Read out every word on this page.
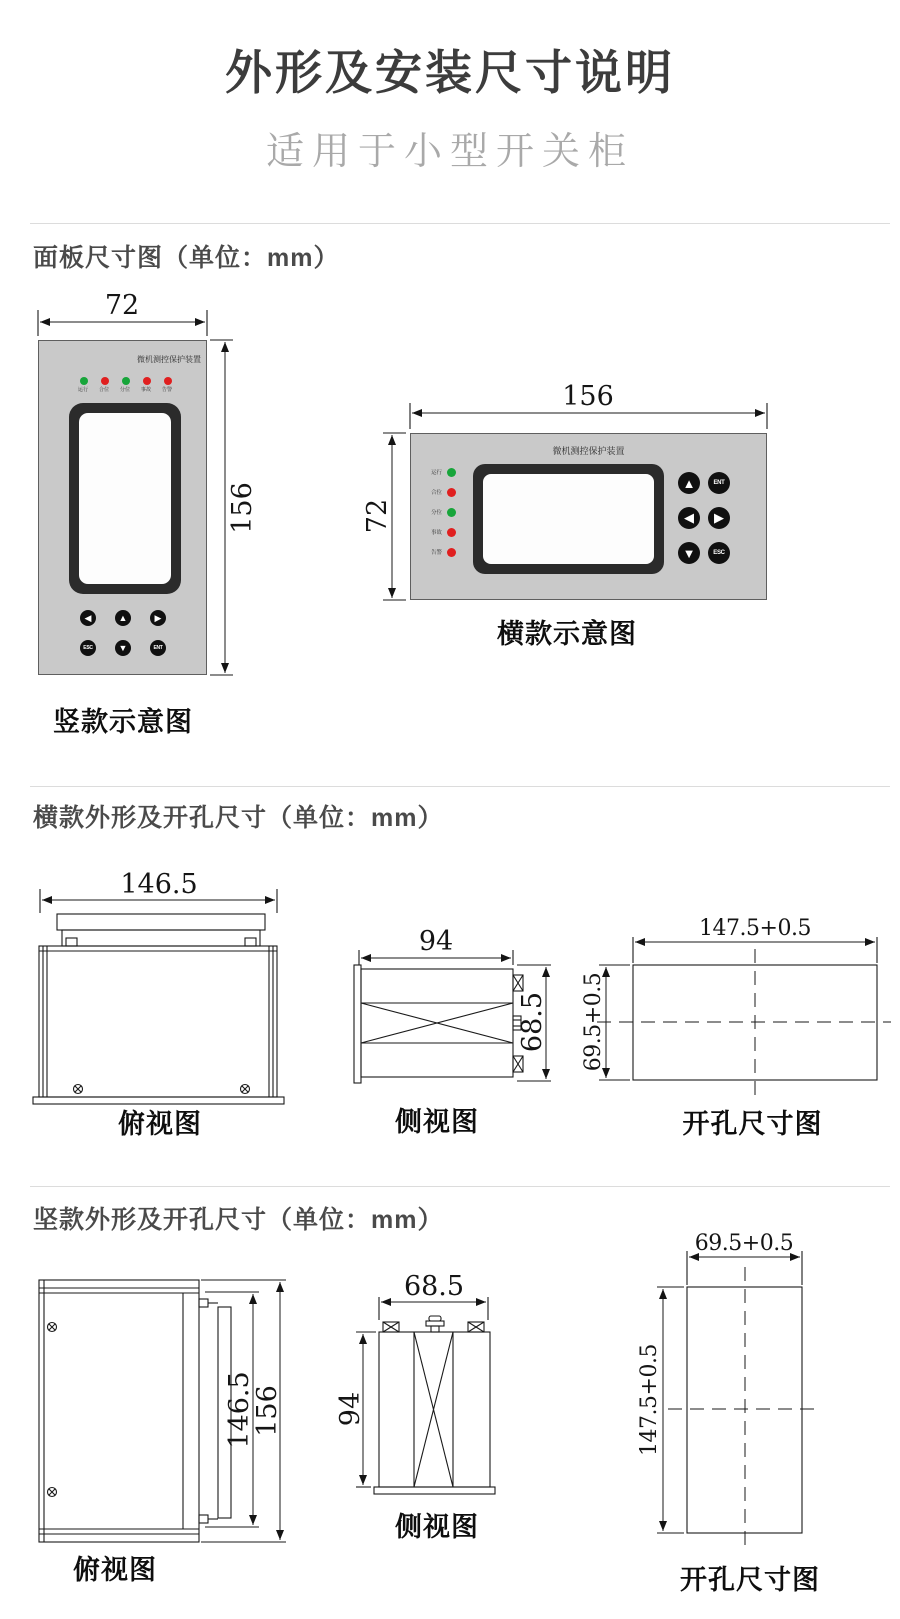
外形及安装尺寸说明
适用于小型开关柜
面板尺寸图（单位：mm）
横款外形及开孔尺寸（单位：mm）
坚款外形及开孔尺寸（单位：mm）
微机测控保护装置
运行 合位 分位 事故 告警
◀	▲	▶
ESC	▼	ENT
微机测控保护装置
运行
合位
分位
事故
告警
▲	ENT
◀	▶
▼	ESC
竖款示意图
横款示意图
俯视图	侧视图	开孔尺寸图
俯视图
侧视图
开孔尺寸图
72
156
156
72
146.5
94
68.5
147.5+0.5
69.5+0.5
146.5
156
68.5
94
69.5+0.5
147.5+0.5
